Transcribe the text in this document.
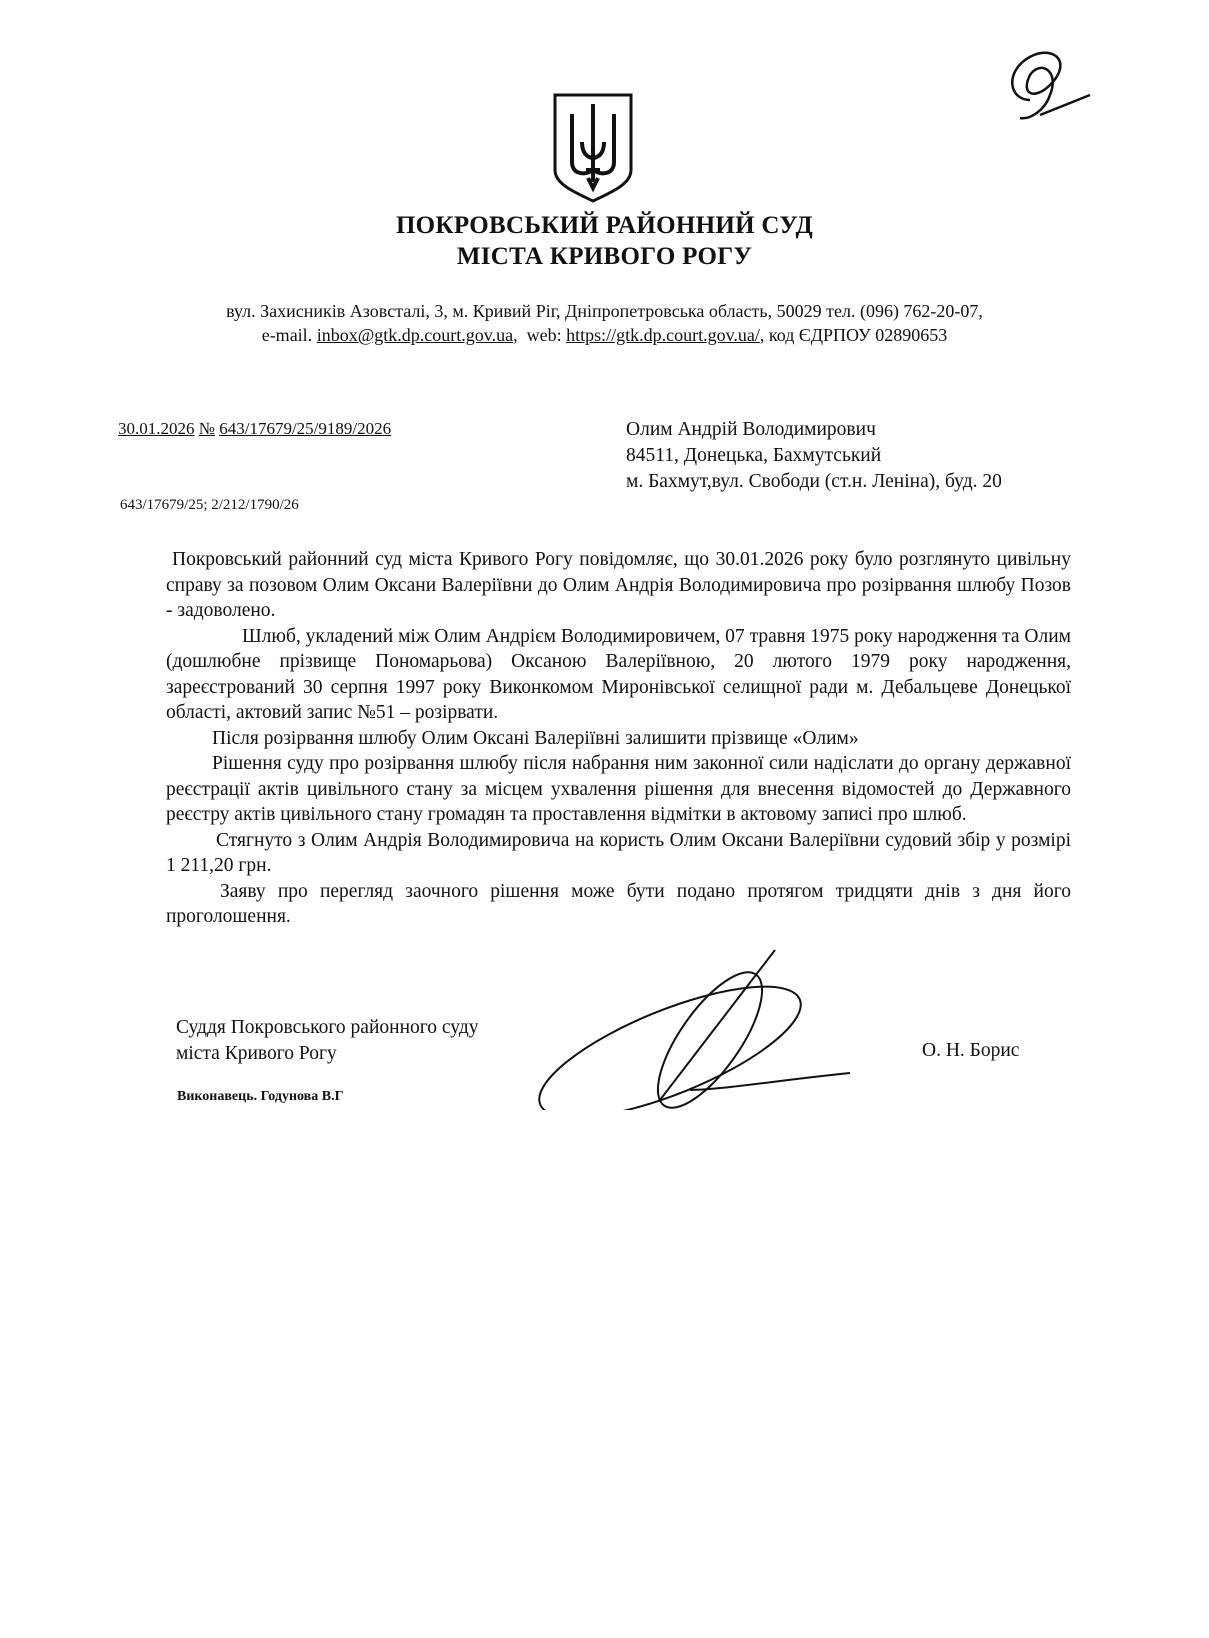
ПОКРОВСЬКИЙ РАЙОННИЙ СУД
МІСТА КРИВОГО РОГУ
вул. Захисників Азовсталі, 3, м. Кривий Ріг, Дніпропетровська область, 50029 тел. (096) 762-20-07,
e-mail. inbox@gtk.dp.court.gov.ua,  web: https://gtk.dp.court.gov.ua/, код ЄДРПОУ 02890653
30.01.2026 № 643/17679/25/9189/2026
643/17679/25; 2/212/1790/26
Олим Андрій Володимирович
84511, Донецька, Бахмутський
м. Бахмут,вул. Свободи (ст.н. Леніна), буд. 20

Покровський районний суд міста Кривого Рогу повідомляє, що 30.01.2026 року було розглянуто цивільну справу за позовом Олим Оксани Валеріївни до Олим Андрія Володимировича про розірвання шлюбу Позов - задоволено.

Шлюб, укладений між Олим Андрієм Володимировичем, 07 травня 1975 року народження та Олим (дошлюбне прізвище Пономарьова) Оксаною Валеріївною, 20 лютого 1979 року народження, зареєстрований 30 серпня 1997 року Виконкомом Миронівської селищної ради м. Дебальцеве Донецької області, актовий запис №51 – розірвати.

Після розірвання шлюбу Олим Оксані Валеріївні залишити прізвище «Олим»

Рішення суду про розірвання шлюбу після набрання ним законної сили надіслати до органу державної реєстрації актів цивільного стану за місцем ухвалення рішення для внесення відомостей до Державного реєстру актів цивільного стану громадян та проставлення відмітки в актовому записі про шлюб.

Стягнуто з Олим Андрія Володимировича на користь Олим Оксани Валеріївни судовий збір у розмірі 1 211,20 грн.

Заяву про перегляд заочного рішення може бути подано протягом тридцяти днів з дня його проголошення.

Суддя Покровського районного суду
міста Кривого Рогу	О. Н. Борис
Виконавець. Годунова В.Г
